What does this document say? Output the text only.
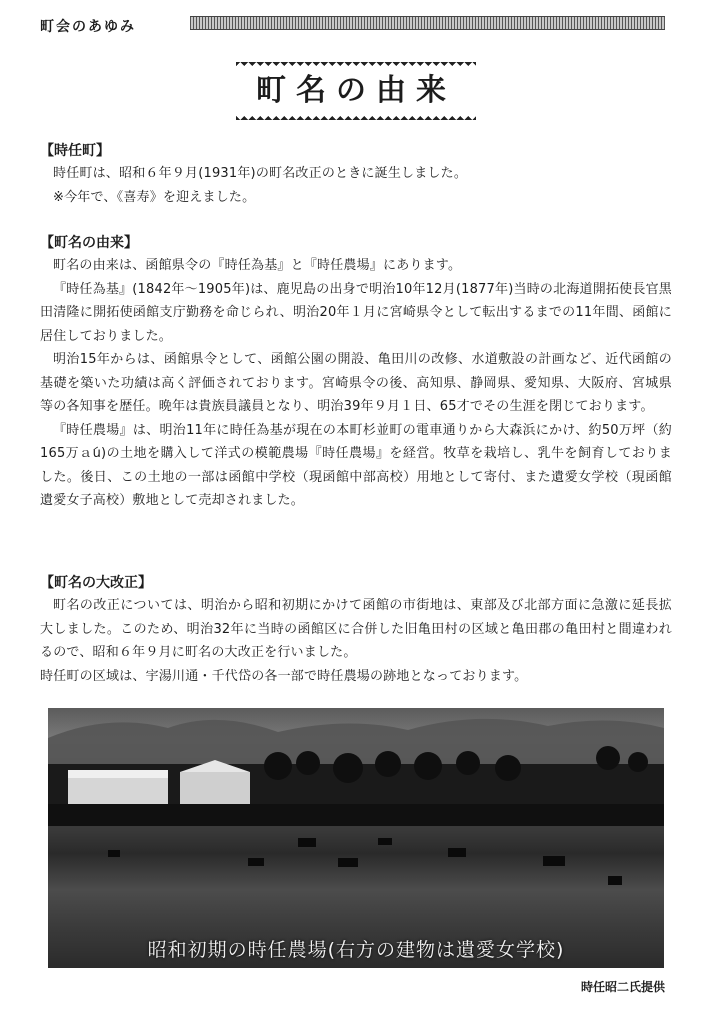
町会のあゆみ
町名の由来

【時任町】

時任町は、昭和６年９月(1931年)の町名改正のときに誕生しました。

※今年で、《喜寿》を迎えました。

【町名の由来】

町名の由来は、函館県令の『時任為基』と『時任農場』にあります。

『時任為基』(1842年～1905年)は、鹿児島の出身で明治10年12月(1877年)当時の北海道開拓使長官黒田清隆に開拓使函館支庁勤務を命じられ、明治20年１月に宮崎県令として転出するまでの11年間、函館に居住しておりました。

明治15年からは、函館県令として、函館公園の開設、亀田川の改修、水道敷設の計画など、近代函館の基礎を築いた功績は高く評価されております。宮崎県令の後、高知県、静岡県、愛知県、大阪府、宮城県等の各知事を歴任。晩年は貴族員議員となり、明治39年９月１日、65才でその生涯を閉じております。

『時任農場』は、明治11年に時任為基が現在の本町杉並町の電車通りから大森浜にかけ、約50万坪（約165万ａ́u)の土地を購入して洋式の模範農場『時任農場』を経営。牧草を栽培し、乳牛を飼育しておりました。後日、この土地の一部は函館中学校（現函館中部高校）用地として寄付、また遺愛女学校（現函館遺愛女子高校）敷地として売却されました。

【町名の大改正】

町名の改正については、明治から昭和初期にかけて函館の市街地は、東部及び北部方面に急激に延長拡大しました。このため、明治32年に当時の函館区に合併した旧亀田村の区域と亀田郡の亀田村と間違われるので、昭和６年９月に町名の大改正を行いました。

時任町の区域は、宇湯川通・千代岱の各一部で時任農場の跡地となっております。

昭和初期の時任農場(右方の建物は遺愛女学校)
時任昭二氏提供
